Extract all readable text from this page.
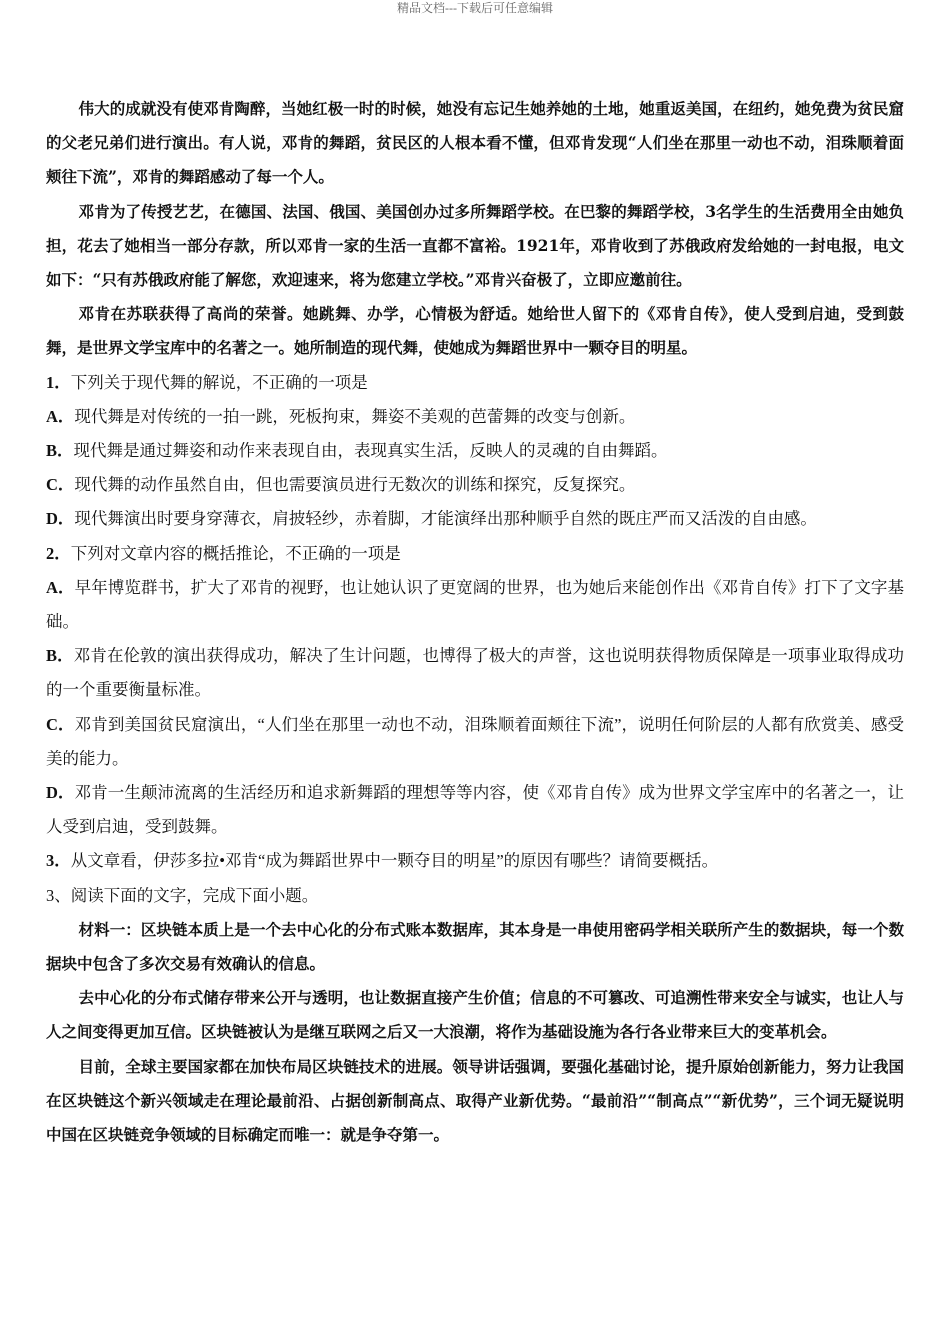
精品文档---下载后可任意编辑

伟大的成就没有使邓肯陶醉，当她红极一时的时候，她没有忘记生她养她的土地，她重返美国，在纽约，她免费为贫民窟的父老兄弟们进行演出。有人说，邓肯的舞蹈，贫民区的人根本看不懂，但邓肯发现“人们坐在那里一动也不动，泪珠顺着面颊往下流”，邓肯的舞蹈感动了每一个人。

邓肯为了传授艺艺，在德国、法国、俄国、美国创办过多所舞蹈学校。在巴黎的舞蹈学校，3名学生的生活费用全由她负担，花去了她相当一部分存款，所以邓肯一家的生活一直都不富裕。1921年，邓肯收到了苏俄政府发给她的一封电报，电文如下：“只有苏俄政府能了解您，欢迎速来，将为您建立学校。”邓肯兴奋极了，立即应邀前往。

邓肯在苏联获得了高尚的荣誉。她跳舞、办学，心情极为舒适。她给世人留下的《邓肯自传》，使人受到启迪，受到鼓舞，是世界文学宝库中的名著之一。她所制造的现代舞，使她成为舞蹈世界中一颗夺目的明星。

1．下列关于现代舞的解说，不正确的一项是

A．现代舞是对传统的一拍一跳，死板拘束，舞姿不美观的芭蕾舞的改变与创新。

B．现代舞是通过舞姿和动作来表现自由，表现真实生活，反映人的灵魂的自由舞蹈。

C．现代舞的动作虽然自由，但也需要演员进行无数次的训练和探究，反复探究。

D．现代舞演出时要身穿薄衣，肩披轻纱，赤着脚，才能演绎出那种顺乎自然的既庄严而又活泼的自由感。

2．下列对文章内容的概括推论，不正确的一项是

A．早年博览群书，扩大了邓肯的视野，也让她认识了更宽阔的世界，也为她后来能创作出《邓肯自传》打下了文字基础。

B．邓肯在伦敦的演出获得成功，解决了生计问题，也博得了极大的声誉，这也说明获得物质保障是一项事业取得成功的一个重要衡量标准。

C．邓肯到美国贫民窟演出，“人们坐在那里一动也不动，泪珠顺着面颊往下流”，说明任何阶层的人都有欣赏美、感受美的能力。

D．邓肯一生颠沛流离的生活经历和追求新舞蹈的理想等等内容，使《邓肯自传》成为世界文学宝库中的名著之一，让人受到启迪，受到鼓舞。

3．从文章看，伊莎多拉•邓肯“成为舞蹈世界中一颗夺目的明星”的原因有哪些？请简要概括。

3、阅读下面的文字，完成下面小题。

材料一：区块链本质上是一个去中心化的分布式账本数据库，其本身是一串使用密码学相关联所产生的数据块，每一个数据块中包含了多次交易有效确认的信息。

去中心化的分布式储存带来公开与透明，也让数据直接产生价值；信息的不可篡改、可追溯性带来安全与诚实，也让人与人之间变得更加互信。区块链被认为是继互联网之后又一大浪潮，将作为基础设施为各行各业带来巨大的变革机会。

目前，全球主要国家都在加快布局区块链技术的进展。领导讲话强调，要强化基础讨论，提升原始创新能力，努力让我国在区块链这个新兴领域走在理论最前沿、占据创新制高点、取得产业新优势。“最前沿”“制高点”“新优势”，三个词无疑说明中国在区块链竞争领域的目标确定而唯一：就是争夺第一。
